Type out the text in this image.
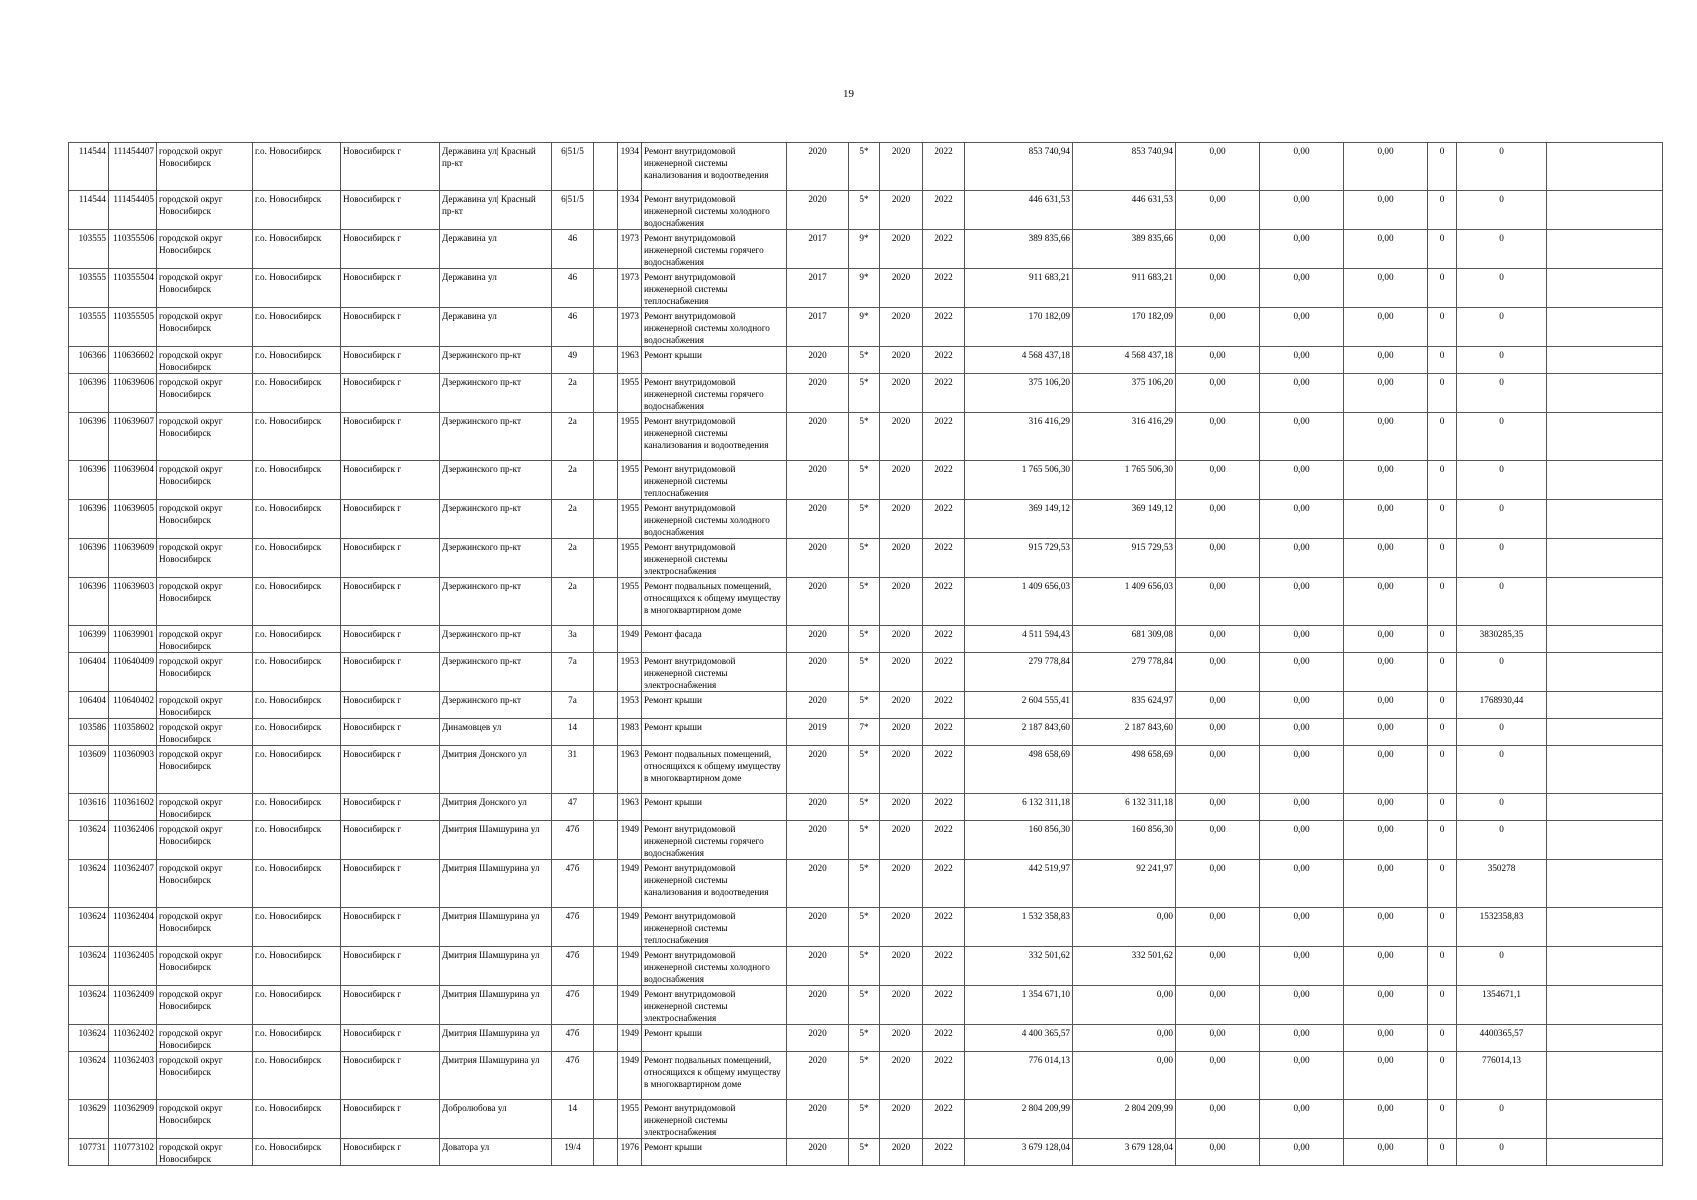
19
114544	111454407	городской округ Новосибирск	г.о. Новосибирск	Новосибирск г	Державина ул| Красный пр-кт	6|51/5		1934	Ремонт внутридомовой инженерной системы канализования и водоотведения	2020	5*	2020	2022	853 740,94	853 740,94	0,00	0,00	0,00	0	0	
114544	111454405	городской округ Новосибирск	г.о. Новосибирск	Новосибирск г	Державина ул| Красный пр-кт	6|51/5		1934	Ремонт внутридомовой инженерной системы холодного водоснабжения	2020	5*	2020	2022	446 631,53	446 631,53	0,00	0,00	0,00	0	0	
103555	110355506	городской округ Новосибирск	г.о. Новосибирск	Новосибирск г	Державина ул	46		1973	Ремонт внутридомовой инженерной системы горячего водоснабжения	2017	9*	2020	2022	389 835,66	389 835,66	0,00	0,00	0,00	0	0	
103555	110355504	городской округ Новосибирск	г.о. Новосибирск	Новосибирск г	Державина ул	46		1973	Ремонт внутридомовой инженерной системы теплоснабжения	2017	9*	2020	2022	911 683,21	911 683,21	0,00	0,00	0,00	0	0	
103555	110355505	городской округ Новосибирск	г.о. Новосибирск	Новосибирск г	Державина ул	46		1973	Ремонт внутридомовой инженерной системы холодного водоснабжения	2017	9*	2020	2022	170 182,09	170 182,09	0,00	0,00	0,00	0	0	
106366	110636602	городской округ Новосибирск	г.о. Новосибирск	Новосибирск г	Дзержинского пр-кт	49		1963	Ремонт крыши	2020	5*	2020	2022	4 568 437,18	4 568 437,18	0,00	0,00	0,00	0	0	
106396	110639606	городской округ Новосибирск	г.о. Новосибирск	Новосибирск г	Дзержинского пр-кт	2а		1955	Ремонт внутридомовой инженерной системы горячего водоснабжения	2020	5*	2020	2022	375 106,20	375 106,20	0,00	0,00	0,00	0	0	
106396	110639607	городской округ Новосибирск	г.о. Новосибирск	Новосибирск г	Дзержинского пр-кт	2а		1955	Ремонт внутридомовой инженерной системы канализования и водоотведения	2020	5*	2020	2022	316 416,29	316 416,29	0,00	0,00	0,00	0	0	
106396	110639604	городской округ Новосибирск	г.о. Новосибирск	Новосибирск г	Дзержинского пр-кт	2а		1955	Ремонт внутридомовой инженерной системы теплоснабжения	2020	5*	2020	2022	1 765 506,30	1 765 506,30	0,00	0,00	0,00	0	0	
106396	110639605	городской округ Новосибирск	г.о. Новосибирск	Новосибирск г	Дзержинского пр-кт	2а		1955	Ремонт внутридомовой инженерной системы холодного водоснабжения	2020	5*	2020	2022	369 149,12	369 149,12	0,00	0,00	0,00	0	0	
106396	110639609	городской округ Новосибирск	г.о. Новосибирск	Новосибирск г	Дзержинского пр-кт	2а		1955	Ремонт внутридомовой инженерной системы электроснабжения	2020	5*	2020	2022	915 729,53	915 729,53	0,00	0,00	0,00	0	0	
106396	110639603	городской округ Новосибирск	г.о. Новосибирск	Новосибирск г	Дзержинского пр-кт	2а		1955	Ремонт подвальных помещений, относящихся к общему имуществу в многоквартирном доме	2020	5*	2020	2022	1 409 656,03	1 409 656,03	0,00	0,00	0,00	0	0	
106399	110639901	городской округ Новосибирск	г.о. Новосибирск	Новосибирск г	Дзержинского пр-кт	3а		1949	Ремонт фасада	2020	5*	2020	2022	4 511 594,43	681 309,08	0,00	0,00	0,00	0	3830285,35	
106404	110640409	городской округ Новосибирск	г.о. Новосибирск	Новосибирск г	Дзержинского пр-кт	7а		1953	Ремонт внутридомовой инженерной системы электроснабжения	2020	5*	2020	2022	279 778,84	279 778,84	0,00	0,00	0,00	0	0	
106404	110640402	городской округ Новосибирск	г.о. Новосибирск	Новосибирск г	Дзержинского пр-кт	7а		1953	Ремонт крыши	2020	5*	2020	2022	2 604 555,41	835 624,97	0,00	0,00	0,00	0	1768930,44	
103586	110358602	городской округ Новосибирск	г.о. Новосибирск	Новосибирск г	Динамовцев ул	14		1983	Ремонт крыши	2019	7*	2020	2022	2 187 843,60	2 187 843,60	0,00	0,00	0,00	0	0	
103609	110360903	городской округ Новосибирск	г.о. Новосибирск	Новосибирск г	Дмитрия Донского ул	31		1963	Ремонт подвальных помещений, относящихся к общему имуществу в многоквартирном доме	2020	5*	2020	2022	498 658,69	498 658,69	0,00	0,00	0,00	0	0	
103616	110361602	городской округ Новосибирск	г.о. Новосибирск	Новосибирск г	Дмитрия Донского ул	47		1963	Ремонт крыши	2020	5*	2020	2022	6 132 311,18	6 132 311,18	0,00	0,00	0,00	0	0	
103624	110362406	городской округ Новосибирск	г.о. Новосибирск	Новосибирск г	Дмитрия Шамшурина ул	47б		1949	Ремонт внутридомовой инженерной системы горячего водоснабжения	2020	5*	2020	2022	160 856,30	160 856,30	0,00	0,00	0,00	0	0	
103624	110362407	городской округ Новосибирск	г.о. Новосибирск	Новосибирск г	Дмитрия Шамшурина ул	47б		1949	Ремонт внутридомовой инженерной системы канализования и водоотведения	2020	5*	2020	2022	442 519,97	92 241,97	0,00	0,00	0,00	0	350278	
103624	110362404	городской округ Новосибирск	г.о. Новосибирск	Новосибирск г	Дмитрия Шамшурина ул	47б		1949	Ремонт внутридомовой инженерной системы теплоснабжения	2020	5*	2020	2022	1 532 358,83	0,00	0,00	0,00	0,00	0	1532358,83	
103624	110362405	городской округ Новосибирск	г.о. Новосибирск	Новосибирск г	Дмитрия Шамшурина ул	47б		1949	Ремонт внутридомовой инженерной системы холодного водоснабжения	2020	5*	2020	2022	332 501,62	332 501,62	0,00	0,00	0,00	0	0	
103624	110362409	городской округ Новосибирск	г.о. Новосибирск	Новосибирск г	Дмитрия Шамшурина ул	47б		1949	Ремонт внутридомовой инженерной системы электроснабжения	2020	5*	2020	2022	1 354 671,10	0,00	0,00	0,00	0,00	0	1354671,1	
103624	110362402	городской округ Новосибирск	г.о. Новосибирск	Новосибирск г	Дмитрия Шамшурина ул	47б		1949	Ремонт крыши	2020	5*	2020	2022	4 400 365,57	0,00	0,00	0,00	0,00	0	4400365,57	
103624	110362403	городской округ Новосибирск	г.о. Новосибирск	Новосибирск г	Дмитрия Шамшурина ул	47б		1949	Ремонт подвальных помещений, относящихся к общему имуществу в многоквартирном доме	2020	5*	2020	2022	776 014,13	0,00	0,00	0,00	0,00	0	776014,13	
103629	110362909	городской округ Новосибирск	г.о. Новосибирск	Новосибирск г	Добролюбова ул	14		1955	Ремонт внутридомовой инженерной системы электроснабжения	2020	5*	2020	2022	2 804 209,99	2 804 209,99	0,00	0,00	0,00	0	0	
107731	110773102	городской округ Новосибирск	г.о. Новосибирск	Новосибирск г	Доватора ул	19/4		1976	Ремонт крыши	2020	5*	2020	2022	3 679 128,04	3 679 128,04	0,00	0,00	0,00	0	0	
